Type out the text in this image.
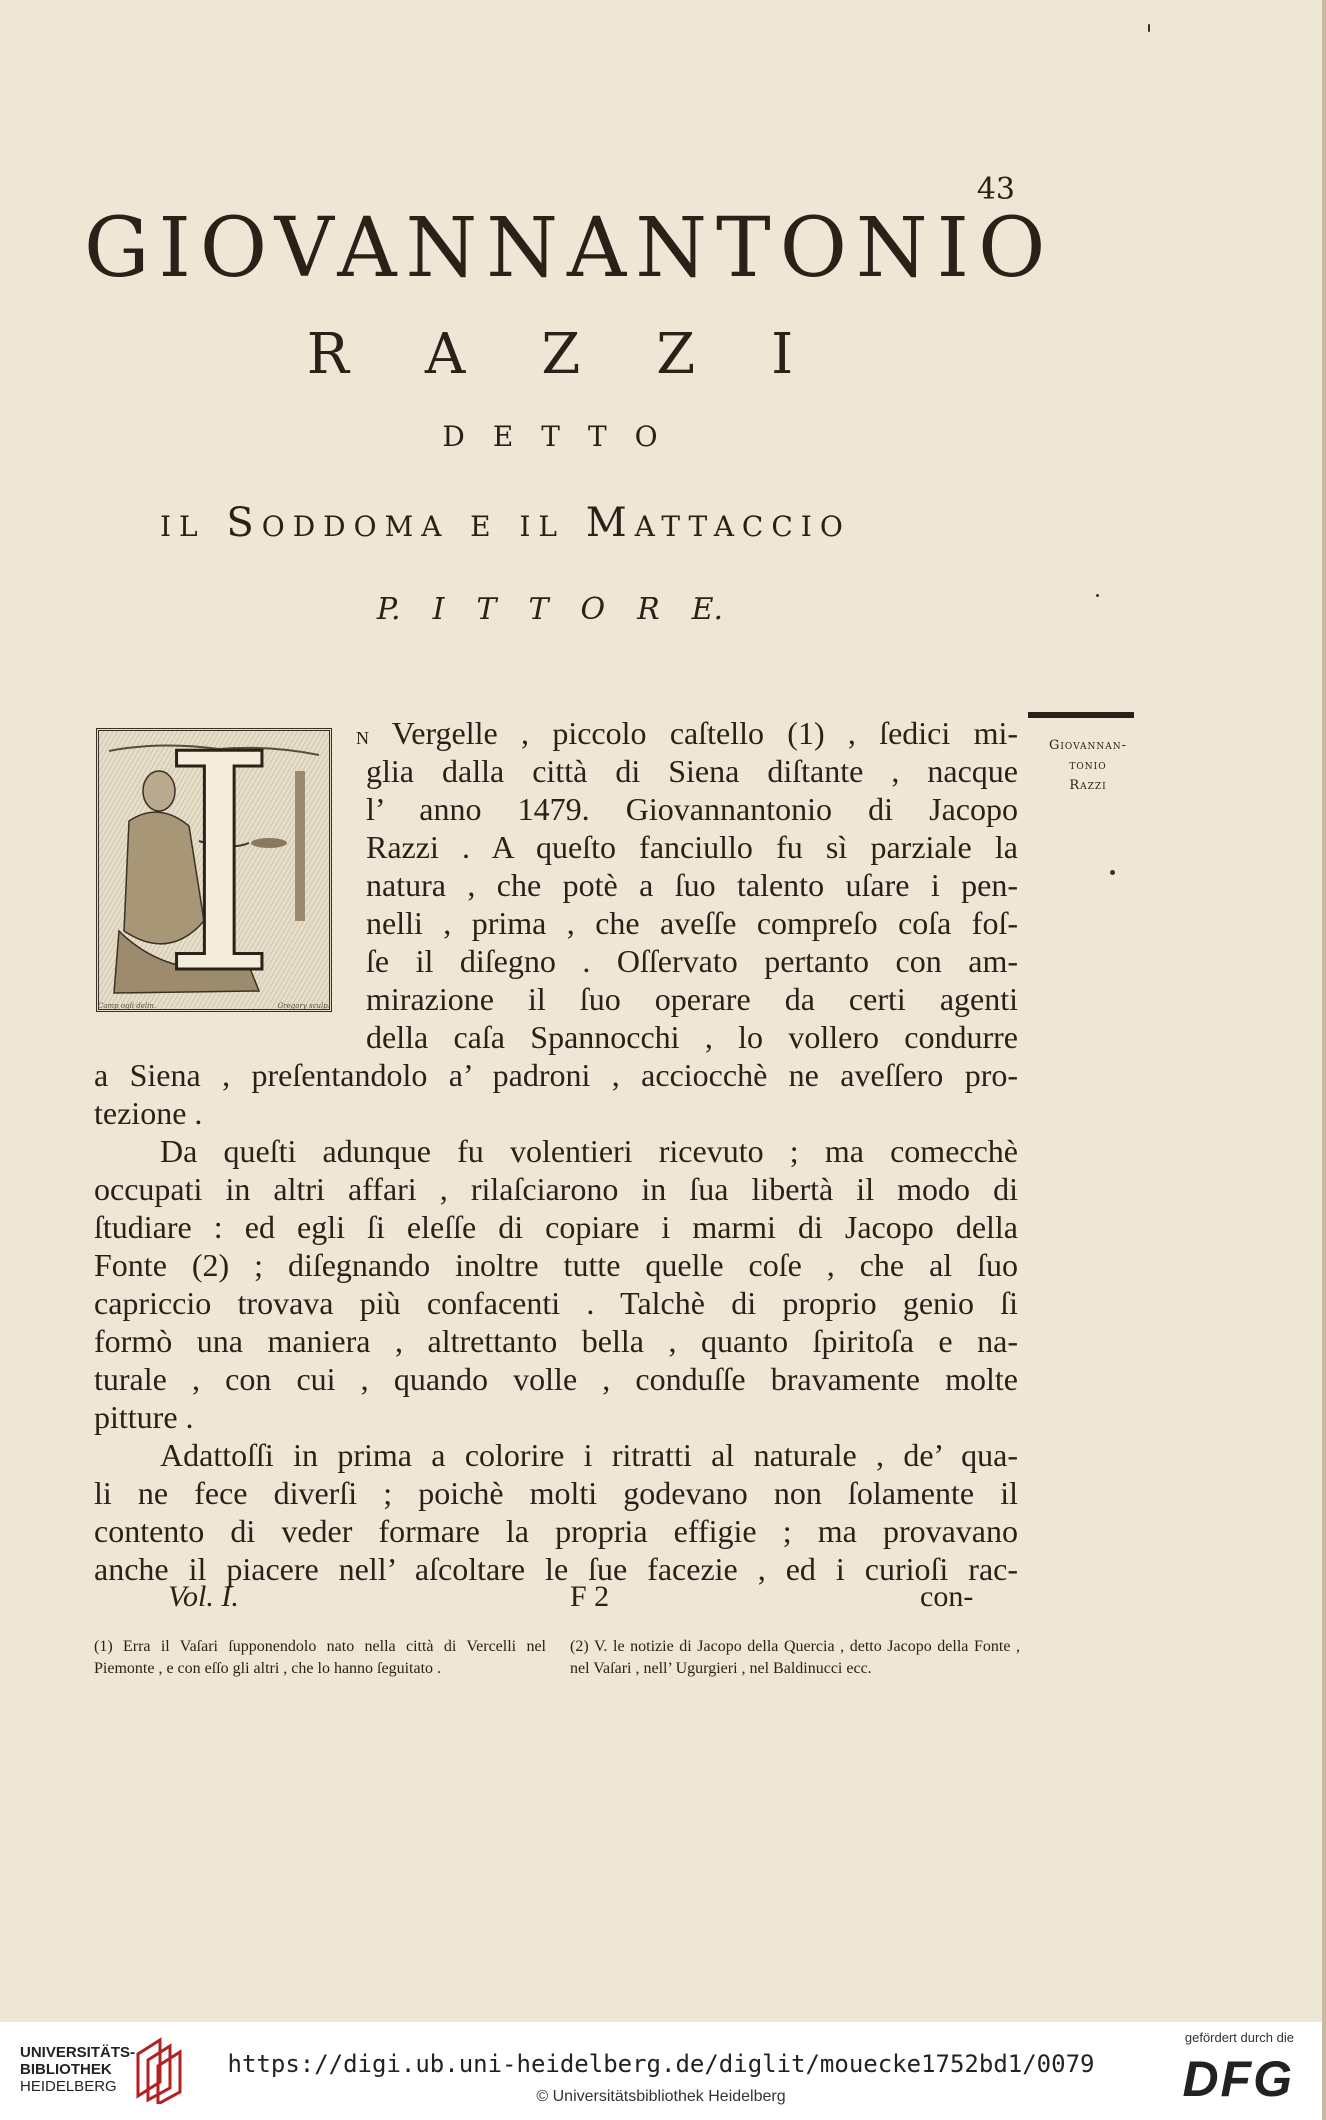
43
GIOVANNANTONIO
R A Z Z I
D E T T O
il Soddoma e il Mattaccio
P. I T T O R E.
I
Camp ogli delin.	Gregory sculp.
Giovannan-
tonio
Razzi
n Vergelle , piccolo caſtello (1) , ſedici mi-
glia dalla città di Siena diſtante , nacque
l’ anno 1479. Giovannantonio di Jacopo
Razzi . A queſto fanciullo fu sì parziale la
natura , che potè a ſuo talento uſare i pen-
nelli , prima , che aveſſe compreſo coſa foſ-
ſe il diſegno . Oſſervato pertanto con am-
mirazione il ſuo operare da certi agenti
della caſa Spannocchi , lo vollero condurre
a Siena , preſentandolo a’ padroni , acciocchè ne aveſſero pro-
tezione .
Da queſti adunque fu volentieri ricevuto ; ma comecchè
occupati in altri affari , rilaſciarono in ſua libertà il modo di
ſtudiare : ed egli ſi eleſſe di copiare i marmi di Jacopo della
Fonte (2) ; diſegnando inoltre tutte quelle coſe , che al ſuo
capriccio trovava più confacenti . Talchè di proprio genio ſi
formò una maniera , altrettanto bella , quanto ſpiritoſa e na-
turale , con cui , quando volle , conduſſe bravamente molte
pitture .
Adattoſſi in prima a colorire i ritratti al naturale , de’ qua-
li ne fece diverſi ; poichè molti godevano non ſolamente il
contento di veder formare la propria effigie ; ma provavano
anche il piacere nell’ aſcoltare le ſue facezie , ed i curioſi rac-
Vol. I.	F 2	con-
(1) Erra il Vaſari ſupponendolo nato nella città di Vercelli nel Piemonte , e con eſſo gli altri , che lo hanno ſeguitato .
(2) V. le notizie di Jacopo della Quercia , detto Jacopo della Fonte , nel Vaſari , nell’ Ugurgieri , nel Baldinucci ecc.
UNIVERSITÄTS-
BIBLIOTHEK
HEIDELBERG
https://digi.ub.uni-heidelberg.de/diglit/mouecke1752bd1/0079
© Universitätsbibliothek Heidelberg
gefördert durch die
DFG
